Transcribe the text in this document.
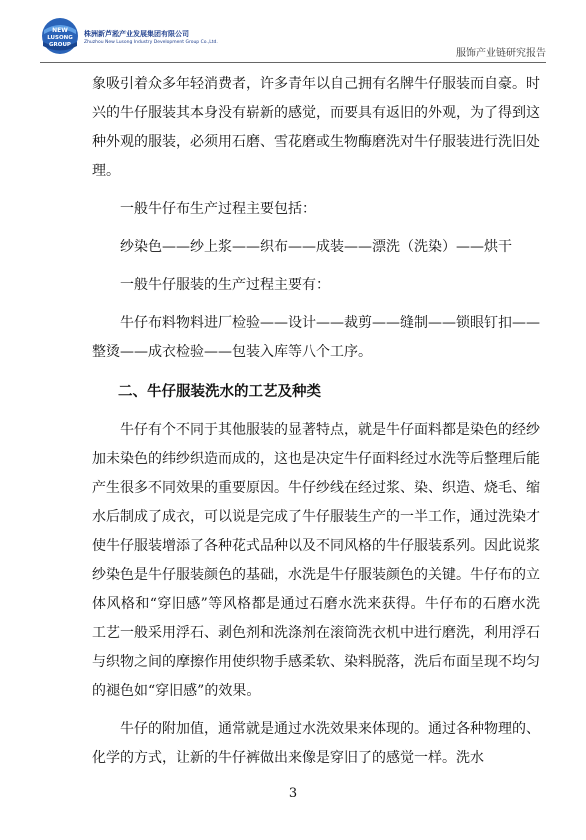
NEW
LUSONG
GROUP
株洲新芦淞产业发展集团有限公司
Zhuzhou New Lusong Industry Development Group Co.,Ltd.
服饰产业链研究报告

象吸引着众多年轻消费者，许多青年以自己拥有名牌牛仔服装而自豪。时兴的牛仔服装其本身没有崭新的感觉，而要具有返旧的外观，为了得到这种外观的服装，必须用石磨、雪花磨或生物酶磨洗对牛仔服装进行洗旧处理。

一般牛仔布生产过程主要包括：

纱染色——纱上浆——织布——成装——漂洗（洗染）——烘干

一般牛仔服装的生产过程主要有：

牛仔布料物料进厂检验——设计——裁剪——缝制——锁眼钉扣——整烫——成衣检验——包装入库等八个工序。

二、牛仔服装洗水的工艺及种类

牛仔有个不同于其他服装的显著特点，就是牛仔面料都是染色的经纱加未染色的纬纱织造而成的，这也是决定牛仔面料经过水洗等后整理后能产生很多不同效果的重要原因。牛仔纱线在经过浆、染、织造、烧毛、缩水后制成了成衣，可以说是完成了牛仔服装生产的一半工作，通过洗染才使牛仔服装增添了各种花式品种以及不同风格的牛仔服装系列。因此说浆纱染色是牛仔服装颜色的基础，水洗是牛仔服装颜色的关键。牛仔布的立体风格和“穿旧感”等风格都是通过石磨水洗来获得。牛仔布的石磨水洗工艺一般采用浮石、剥色剂和洗涤剂在滚筒洗衣机中进行磨洗，利用浮石与织物之间的摩擦作用使织物手感柔软、染料脱落，洗后布面呈现不均匀的褪色如“穿旧感”的效果。

牛仔的附加值，通常就是通过水洗效果来体现的。通过各种物理的、化学的方式，让新的牛仔裤做出来像是穿旧了的感觉一样。洗水

3
